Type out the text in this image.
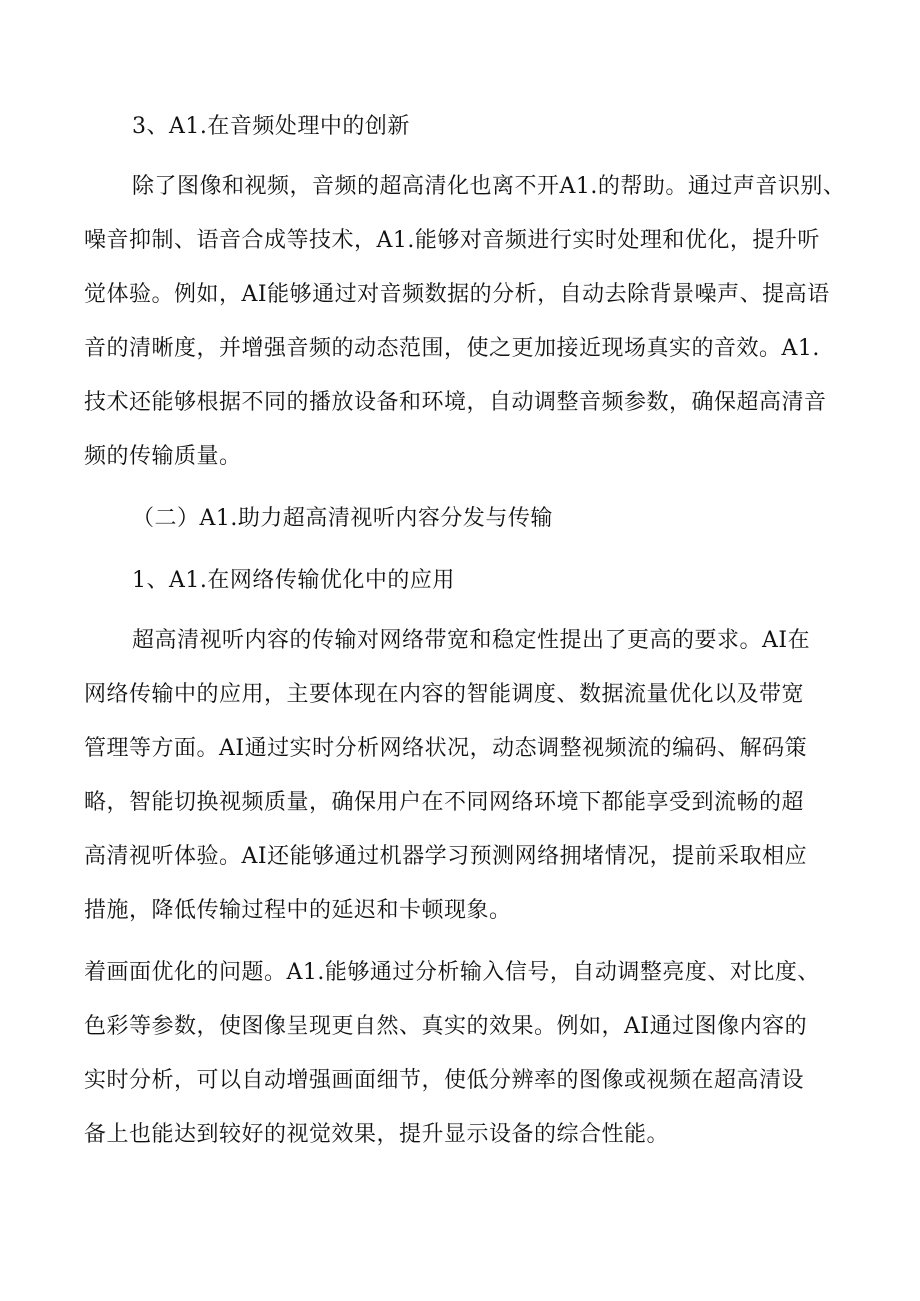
3、A1.在音频处理中的创新
除了图像和视频，音频的超高清化也离不开A1.的帮助。通过声音识别、
噪音抑制、语音合成等技术，A1.能够对音频进行实时处理和优化，提升听
觉体验。例如，AI能够通过对音频数据的分析，自动去除背景噪声、提高语
音的清晰度，并增强音频的动态范围，使之更加接近现场真实的音效。A1.
技术还能够根据不同的播放设备和环境，自动调整音频参数，确保超高清音
频的传输质量。
（二）A1.助力超高清视听内容分发与传输
1、A1.在网络传输优化中的应用
超高清视听内容的传输对网络带宽和稳定性提出了更高的要求。AI在
网络传输中的应用，主要体现在内容的智能调度、数据流量优化以及带宽
管理等方面。AI通过实时分析网络状况，动态调整视频流的编码、解码策
略，智能切换视频质量，确保用户在不同网络环境下都能享受到流畅的超
高清视听体验。AI还能够通过机器学习预测网络拥堵情况，提前采取相应
措施，降低传输过程中的延迟和卡顿现象。
着画面优化的问题。A1.能够通过分析输入信号，自动调整亮度、对比度、
色彩等参数，使图像呈现更自然、真实的效果。例如，AI通过图像内容的
实时分析，可以自动增强画面细节，使低分辨率的图像或视频在超高清设
备上也能达到较好的视觉效果，提升显示设备的综合性能。
